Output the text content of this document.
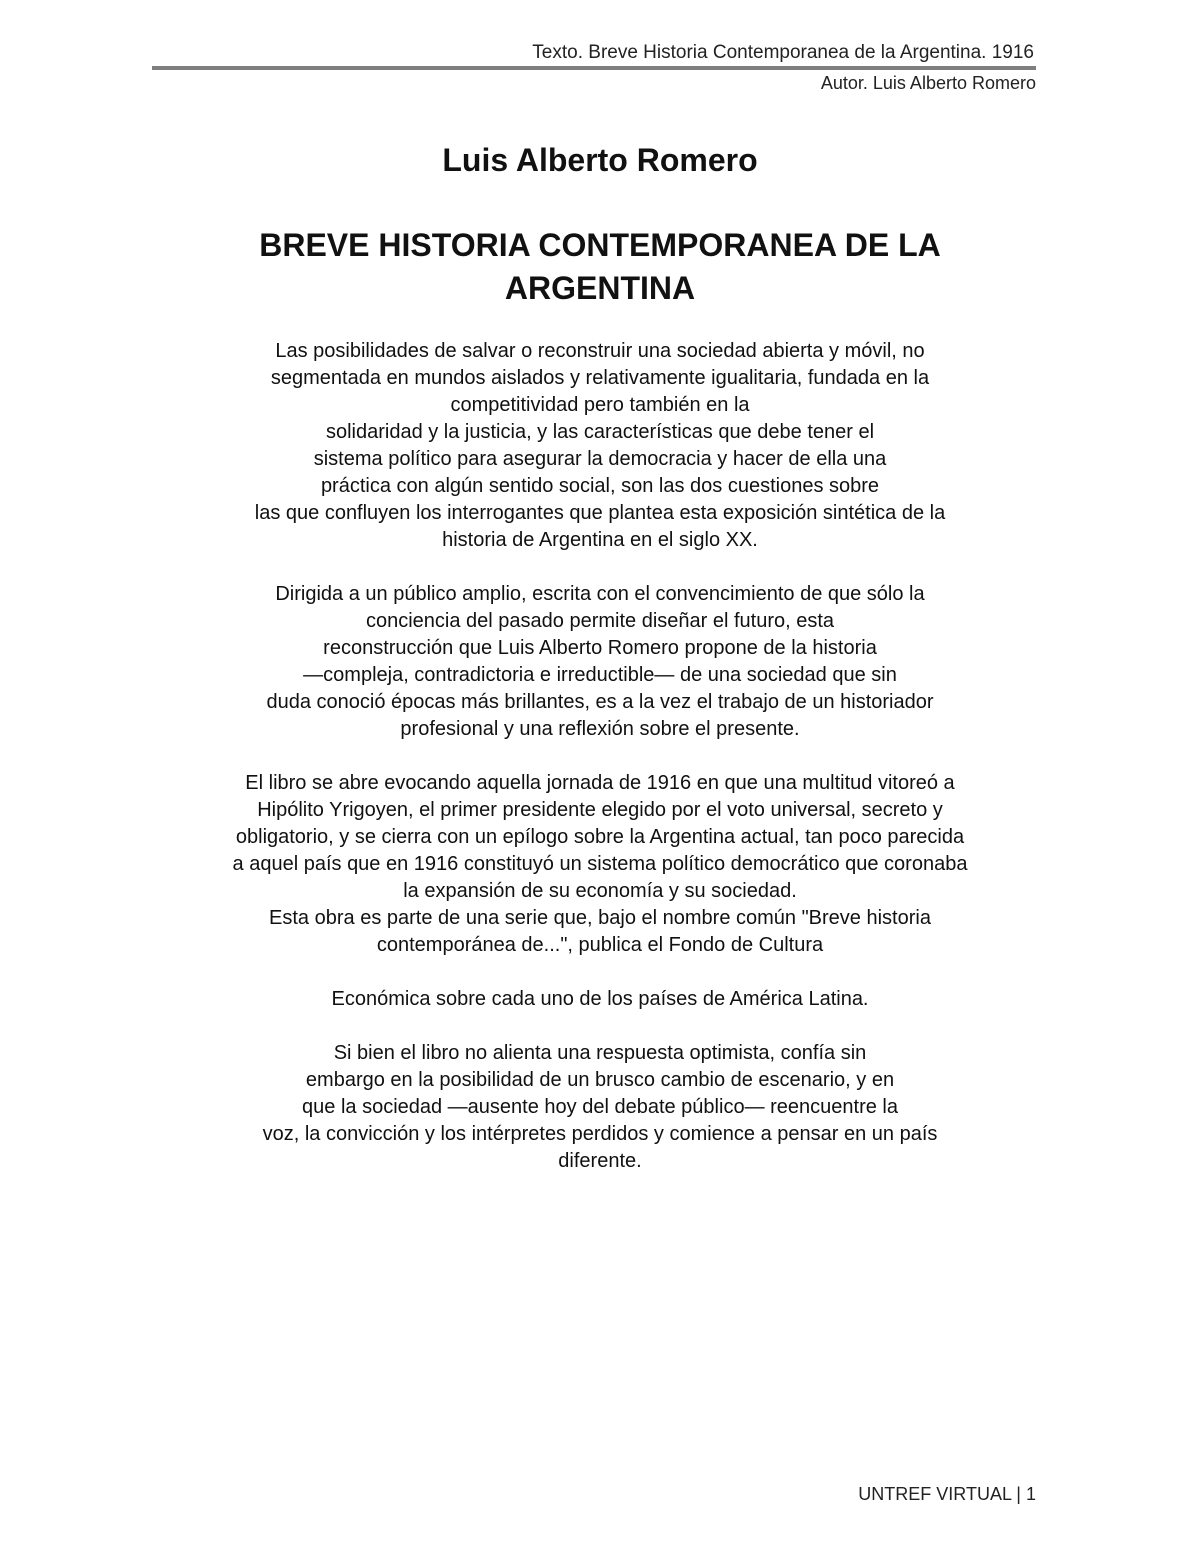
Texto. Breve Historia Contemporanea de la Argentina. 1916
Autor. Luis Alberto Romero
Luis Alberto Romero
BREVE HISTORIA CONTEMPORANEA DE LA
ARGENTINA

Las posibilidades de salvar o reconstruir una sociedad abierta y móvil, no
segmentada en mundos aislados y relativamente igualitaria, fundada en la
competitividad pero también en la
solidaridad y la justicia, y las características que debe tener el
sistema político para asegurar la democracia y hacer de ella una
práctica con algún sentido social, son las dos cuestiones sobre
las que confluyen los interrogantes que plantea esta exposición sintética de la
historia de Argentina en el siglo XX.

Dirigida a un público amplio, escrita con el convencimiento de que sólo la
conciencia del pasado permite diseñar el futuro, esta
reconstrucción que Luis Alberto Romero propone de la historia
—compleja, contradictoria e irreductible— de una sociedad que sin
duda conoció épocas más brillantes, es a la vez el trabajo de un historiador
profesional y una reflexión sobre el presente.

El libro se abre evocando aquella jornada de 1916 en que una multitud vitoreó a
Hipólito Yrigoyen, el primer presidente elegido por el voto universal, secreto y
obligatorio, y se cierra con un epílogo sobre la Argentina actual, tan poco parecida
a aquel país que en 1916 constituyó un sistema político democrático que coronaba
la expansión de su economía y su sociedad.

Esta obra es parte de una serie que, bajo el nombre común "Breve historia
contemporánea de...", publica el Fondo de Cultura

Económica sobre cada uno de los países de América Latina.

Si bien el libro no alienta una respuesta optimista, confía sin
embargo en la posibilidad de un brusco cambio de escenario, y en
que la sociedad —ausente hoy del debate público— reencuentre la
voz, la convicción y los intérpretes perdidos y comience a pensar en un país
diferente.

UNTREF VIRTUAL | 1
